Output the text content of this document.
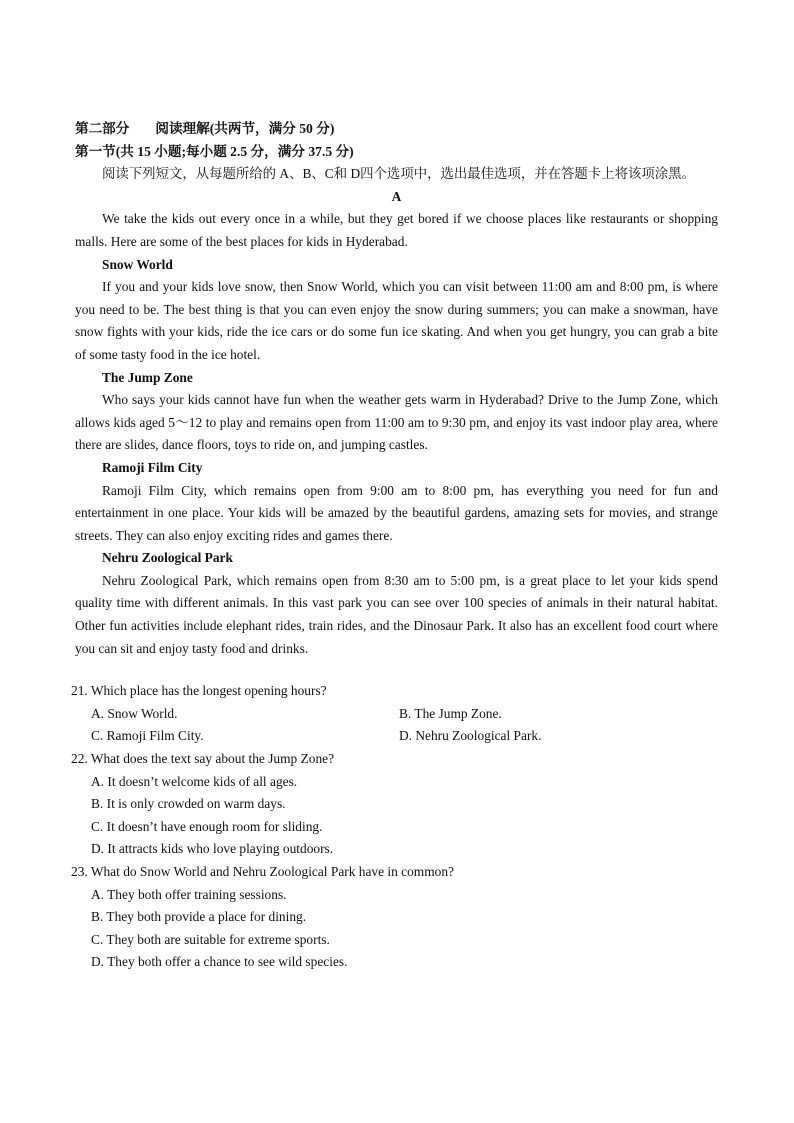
第二部分 阅读理解(共两节，满分 50 分)
第一节(共 15 小题;每小题 2.5 分，满分 37.5 分)

阅读下列短文，从每题所给的 A、B、C和 D四个选项中，选出最佳选项，并在答题卡上将该项涂黑。

A

We take the kids out every once in a while, but they get bored if we choose places like restaurants or shopping malls. Here are some of the best places for kids in Hyderabad.

Snow World

If you and your kids love snow, then Snow World, which you can visit between 11:00 am and 8:00 pm, is where you need to be. The best thing is that you can even enjoy the snow during summers; you can make a snowman, have snow fights with your kids, ride the ice cars or do some fun ice skating. And when you get hungry, you can grab a bite of some tasty food in the ice hotel.

The Jump Zone

Who says your kids cannot have fun when the weather gets warm in Hyderabad? Drive to the Jump Zone, which allows kids aged 5～12 to play and remains open from 11:00 am to 9:30 pm, and enjoy its vast indoor play area, where there are slides, dance floors, toys to ride on, and jumping castles.

Ramoji Film City

Ramoji Film City, which remains open from 9:00 am to 8:00 pm, has everything you need for fun and entertainment in one place. Your kids will be amazed by the beautiful gardens, amazing sets for movies, and strange streets. They can also enjoy exciting rides and games there.

Nehru Zoological Park

Nehru Zoological Park, which remains open from 8:30 am to 5:00 pm, is a great place to let your kids spend quality time with different animals. In this vast park you can see over 100 species of animals in their natural habitat. Other fun activities include elephant rides, train rides, and the Dinosaur Park. It also has an excellent food court where you can sit and enjoy tasty food and drinks.

21. Which place has the longest opening hours?

A. Snow World.	B. The Jump Zone.
C. Ramoji Film City.	D. Nehru Zoological Park.

22. What does the text say about the Jump Zone?

A. It doesn’t welcome kids of all ages.

B. It is only crowded on warm days.

C. It doesn’t have enough room for sliding.

D. It attracts kids who love playing outdoors.

23. What do Snow World and Nehru Zoological Park have in common?

A. They both offer training sessions.

B. They both provide a place for dining.

C. They both are suitable for extreme sports.

D. They both offer a chance to see wild species.
